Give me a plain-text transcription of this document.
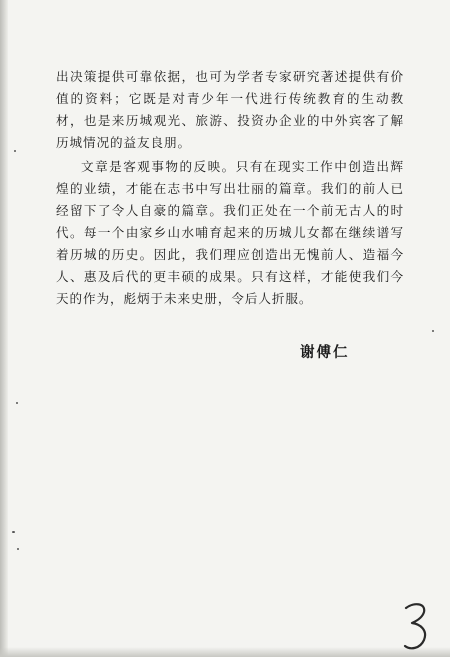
出决策提供可靠依据，也可为学者专家研究著述提供有价值的资料；它既是对青少年一代进行传统教育的生动教材，也是来历城观光、旅游、投资办企业的中外宾客了解历城情况的益友良朋。

文章是客观事物的反映。只有在现实工作中创造出辉煌的业绩，才能在志书中写出壮丽的篇章。我们的前人已经留下了令人自豪的篇章。我们正处在一个前无古人的时代。每一个由家乡山水哺育起来的历城儿女都在继续谱写着历城的历史。因此，我们理应创造出无愧前人、造福今人、惠及后代的更丰硕的成果。只有这样，才能使我们今天的作为，彪炳于未来史册，令后人折服。

谢傅仁
